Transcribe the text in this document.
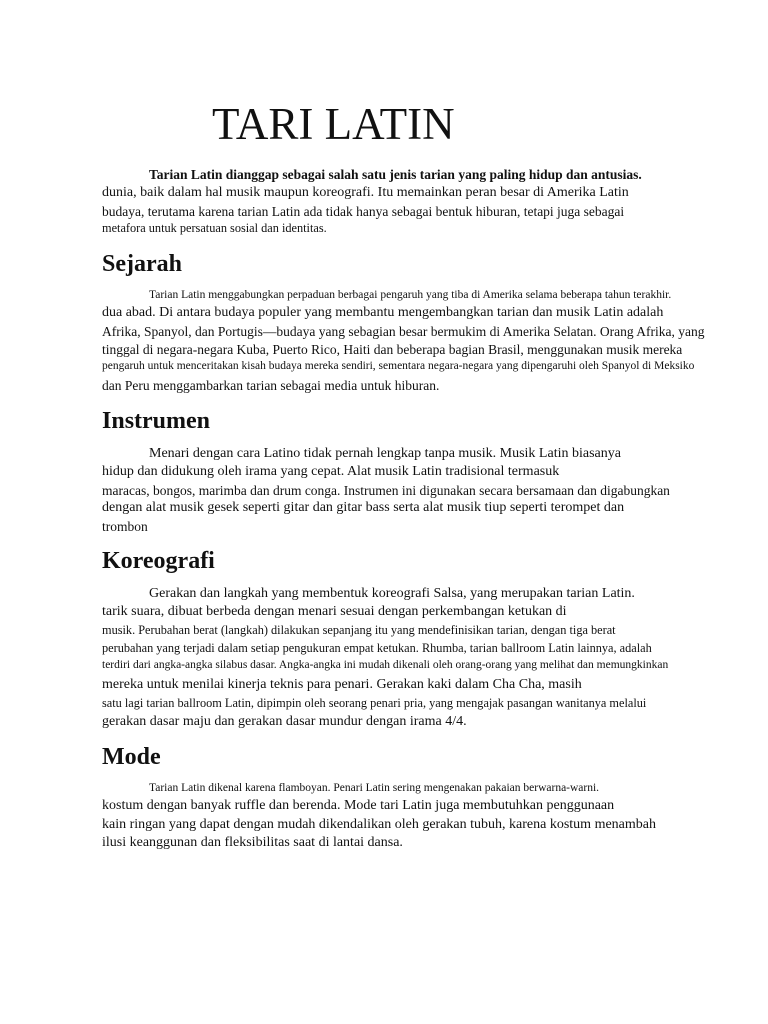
TARI LATIN

Tarian Latin dianggap sebagai salah satu jenis tarian yang paling hidup dan antusias.

dunia, baik dalam hal musik maupun koreografi. Itu memainkan peran besar di Amerika Latin

budaya, terutama karena tarian Latin ada tidak hanya sebagai bentuk hiburan, tetapi juga sebagai

metafora untuk persatuan sosial dan identitas.

Sejarah

Tarian Latin menggabungkan perpaduan berbagai pengaruh yang tiba di Amerika selama beberapa tahun terakhir.

dua abad. Di antara budaya populer yang membantu mengembangkan tarian dan musik Latin adalah

Afrika, Spanyol, dan Portugis—budaya yang sebagian besar bermukim di Amerika Selatan. Orang Afrika, yang

tinggal di negara-negara Kuba, Puerto Rico, Haiti dan beberapa bagian Brasil, menggunakan musik mereka

pengaruh untuk menceritakan kisah budaya mereka sendiri, sementara negara-negara yang dipengaruhi oleh Spanyol di Meksiko

dan Peru menggambarkan tarian sebagai media untuk hiburan.

Instrumen

Menari dengan cara Latino tidak pernah lengkap tanpa musik. Musik Latin biasanya

hidup dan didukung oleh irama yang cepat. Alat musik Latin tradisional termasuk

maracas, bongos, marimba dan drum conga. Instrumen ini digunakan secara bersamaan dan digabungkan

dengan alat musik gesek seperti gitar dan gitar bass serta alat musik tiup seperti terompet dan

trombon

Koreografi

Gerakan dan langkah yang membentuk koreografi Salsa, yang merupakan tarian Latin.

tarik suara, dibuat berbeda dengan menari sesuai dengan perkembangan ketukan di

musik. Perubahan berat (langkah) dilakukan sepanjang itu yang mendefinisikan tarian, dengan tiga berat

perubahan yang terjadi dalam setiap pengukuran empat ketukan. Rhumba, tarian ballroom Latin lainnya, adalah

terdiri dari angka-angka silabus dasar. Angka-angka ini mudah dikenali oleh orang-orang yang melihat dan memungkinkan

mereka untuk menilai kinerja teknis para penari. Gerakan kaki dalam Cha Cha, masih

satu lagi tarian ballroom Latin, dipimpin oleh seorang penari pria, yang mengajak pasangan wanitanya melalui

gerakan dasar maju dan gerakan dasar mundur dengan irama 4/4.

Mode

Tarian Latin dikenal karena flamboyan. Penari Latin sering mengenakan pakaian berwarna-warni.

kostum dengan banyak ruffle dan berenda. Mode tari Latin juga membutuhkan penggunaan

kain ringan yang dapat dengan mudah dikendalikan oleh gerakan tubuh, karena kostum menambah

ilusi keanggunan dan fleksibilitas saat di lantai dansa.
